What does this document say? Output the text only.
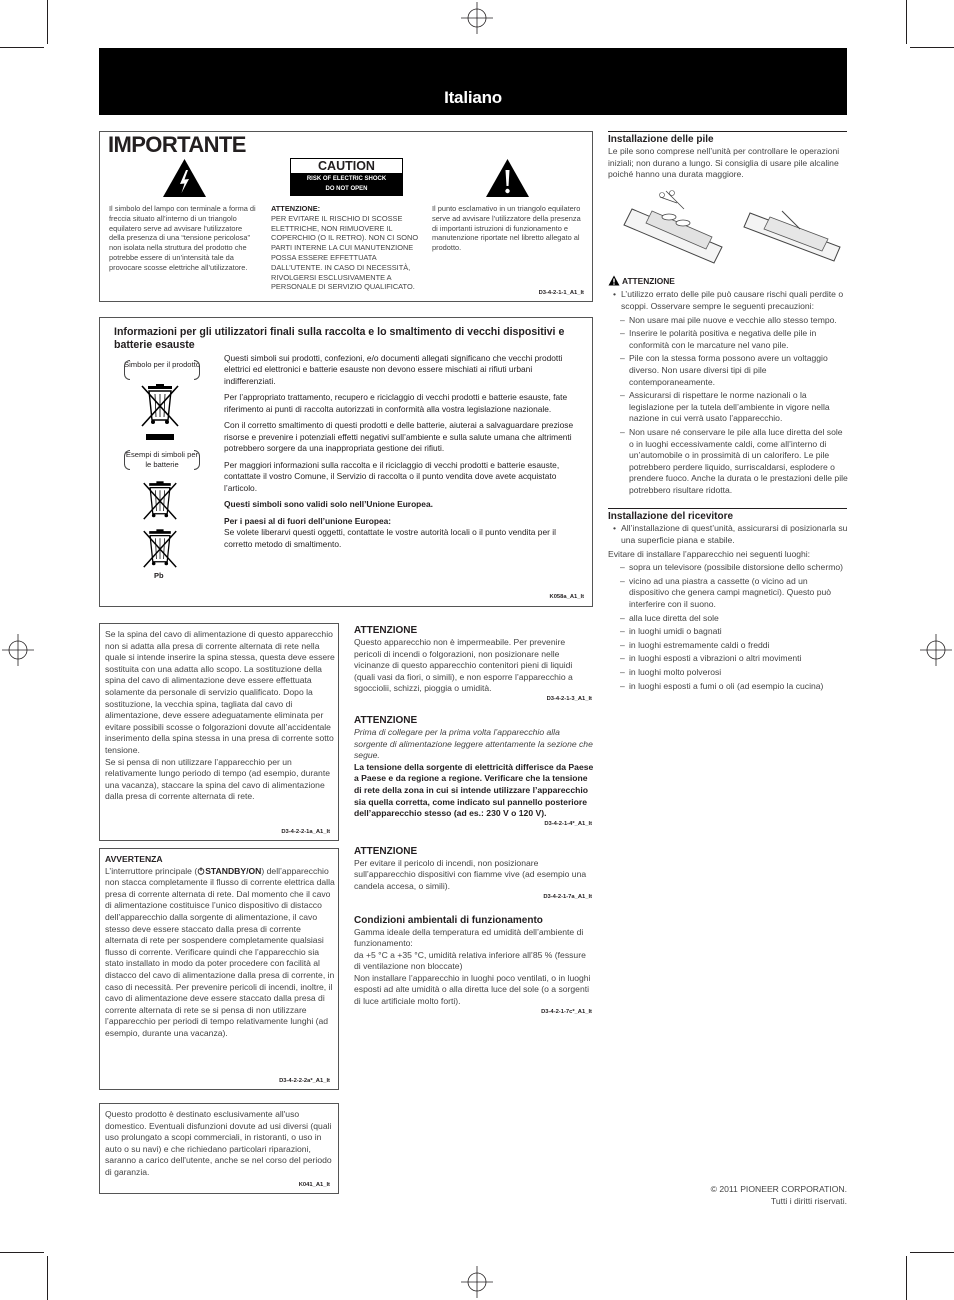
Italiano
IMPORTANTE
CAUTION
RISK OF ELECTRIC SHOCK
DO NOT OPEN
Il simbolo del lampo con terminale a forma di freccia situato all’interno di un triangolo equilatero serve ad avvisare l’utilizzatore della presenza di una “tensione pericolosa” non isolata nella struttura del prodotto che potrebbe essere di un’intensità tale da provocare scosse elettriche all’utilizzatore.
ATTENZIONE:
PER EVITARE IL RISCHIO DI SCOSSE ELETTRICHE, NON RIMUOVERE IL COPERCHIO (O IL RETRO). NON CI SONO PARTI INTERNE LA CUI MANUTENZIONE POSSA ESSERE EFFETTUATA DALL’UTENTE. IN CASO DI NECESSITÀ, RIVOLGERSI ESCLUSIVAMENTE A PERSONALE DI SERVIZIO QUALIFICATO.
Il punto esclamativo in un triangolo equilatero serve ad avvisare l’utilizzatore della presenza di importanti istruzioni di funzionamento e manutenzione riportate nel libretto allegato al prodotto.
D3-4-2-1-1_A1_It
Informazioni per gli utilizzatori finali sulla raccolta e lo smaltimento di vecchi dispositivi e batterie esauste
Simbolo per il prodotto
Esempi di simboli per le batterie
Pb

Questi simboli sui prodotti, confezioni, e/o documenti allegati significano che vecchi prodotti elettrici ed elettronici e batterie esauste non devono essere mischiati ai rifiuti urbani indifferenziati.

Per l’appropriato trattamento, recupero e riciclaggio di vecchi prodotti e batterie esauste, fate riferimento ai punti di raccolta autorizzati in conformità alla vostra legislazione nazionale.

Con il corretto smaltimento di questi prodotti e delle batterie, aiuterai a salvaguardare preziose risorse e prevenire i potenziali effetti negativi sull’ambiente e sulla salute umana che altrimenti potrebbero sorgere da una inappropriata gestione dei rifiuti.

Per maggiori informazioni sulla raccolta e il riciclaggio di vecchi prodotti e batterie esauste, contattate il vostro Comune, il Servizio di raccolta o il punto vendita dove avete acquistato l’articolo.

Questi simboli sono validi solo nell’Unione Europea.

Per i paesi al di fuori dell’unione Europea:
Se volete liberarvi questi oggetti, contattate le vostre autorità locali o il punto vendita per il corretto metodo di smaltimento.

K058a_A1_It
Se la spina del cavo di alimentazione di questo apparecchio non si adatta alla presa di corrente alternata di rete nella quale si intende inserire la spina stessa, questa deve essere sostituita con una adatta allo scopo. La sostituzione della spina del cavo di alimentazione deve essere effettuata solamente da personale di servizio qualificato. Dopo la sostituzione, la vecchia spina, tagliata dal cavo di alimentazione, deve essere adeguatamente eliminata per evitare possibili scosse o folgorazioni dovute all’accidentale inserimento della spina stessa in una presa di corrente sotto tensione.
Se si pensa di non utilizzare l’apparecchio per un relativamente lungo periodo di tempo (ad esempio, durante una vacanza), staccare la spina del cavo di alimentazione dalla presa di corrente alternata di rete.
D3-4-2-2-1a_A1_It
AVVERTENZA
L’interruttore principale ( STANDBY/ON) dell’apparecchio non stacca completamente il flusso di corrente elettrica dalla presa di corrente alternata di rete. Dal momento che il cavo di alimentazione costituisce l’unico dispositivo di distacco dell’apparecchio dalla sorgente di alimentazione, il cavo stesso deve essere staccato dalla presa di corrente alternata di rete per sospendere completamente qualsiasi flusso di corrente. Verificare quindi che l’apparecchio sia stato installato in modo da poter procedere con facilità al distacco del cavo di alimentazione dalla presa di corrente, in caso di necessità. Per prevenire pericoli di incendi, inoltre, il cavo di alimentazione deve essere staccato dalla presa di corrente alternata di rete se si pensa di non utilizzare l’apparecchio per periodi di tempo relativamente lunghi (ad esempio, durante una vacanza).
D3-4-2-2-2a*_A1_It
Questo prodotto è destinato esclusivamente all'uso domestico. Eventuali disfunzioni dovute ad usi diversi (quali uso prolungato a scopi commerciali, in ristoranti, o uso in auto o su navi) e che richiedano particolari riparazioni, saranno a carico dell'utente, anche se nel corso del periodo di garanzia.
K041_A1_It
ATTENZIONE
Questo apparecchio non è impermeabile. Per prevenire pericoli di incendi o folgorazioni, non posizionare nelle vicinanze di questo apparecchio contenitori pieni di liquidi (quali vasi da fiori, o simili), e non esporre l’apparecchio a sgocciolii, schizzi, pioggia o umidità.
D3-4-2-1-3_A1_It
ATTENZIONE
Prima di collegare per la prima volta l’apparecchio alla sorgente di alimentazione leggere attentamente la sezione che segue.
La tensione della sorgente di elettricità differisce da Paese a Paese e da regione a regione. Verificare che la tensione di rete della zona in cui si intende utilizzare l’apparecchio sia quella corretta, come indicato sul pannello posteriore dell’apparecchio stesso (ad es.: 230 V o 120 V).
D3-4-2-1-4*_A1_It
ATTENZIONE
Per evitare il pericolo di incendi, non posizionare sull’apparecchio dispositivi con fiamme vive (ad esempio una candela accesa, o simili).
D3-4-2-1-7a_A1_It
Condizioni ambientali di funzionamento
Gamma ideale della temperatura ed umidità dell’ambiente di funzionamento:
da +5 °C a +35 °C, umidità relativa inferiore all’85 % (fessure di ventilazione non bloccate)
Non installare l’apparecchio in luoghi poco ventilati, o in luoghi esposti ad alte umidità o alla diretta luce del sole (o a sorgenti di luce artificiale molto forti).
D3-4-2-1-7c*_A1_It
Installazione delle pile
Le pile sono comprese nell’unità per controllare le operazioni iniziali; non durano a lungo. Si consiglia di usare pile alcaline poiché hanno una durata maggiore.
ATTENZIONE
• L’utilizzo errato delle pile può causare rischi quali perdite o scoppi. Osservare sempre le seguenti precauzioni:
– Non usare mai pile nuove e vecchie allo stesso tempo.
– Inserire le polarità positiva e negativa delle pile in conformità con le marcature nel vano pile.
– Pile con la stessa forma possono avere un voltaggio diverso. Non usare diversi tipi di pile contemporaneamente.
– Assicurarsi di rispettare le norme nazionali o la legislazione per la tutela dell’ambiente in vigore nella nazione in cui verrà usato l’apparecchio.
– Non usare né conservare le pile alla luce diretta del sole o in luoghi eccessivamente caldi, come all’interno di un’automobile o in prossimità di un calorifero. Le pile potrebbero perdere liquido, surriscaldarsi, esplodere o prendere fuoco. Anche la durata o le prestazioni delle pile potrebbero risultare ridotta.
Installazione del ricevitore
• All’installazione di quest’unità, assicurarsi di posizionarla su una superficie piana e stabile.
Evitare di installare l’apparecchio nei seguenti luoghi:
– sopra un televisore (possibile distorsione dello schermo)
– vicino ad una piastra a cassette (o vicino ad un dispositivo che genera campi magnetici). Questo può interferire con il suono.
– alla luce diretta del sole
– in luoghi umidi o bagnati
– in luoghi estremamente caldi o freddi
– in luoghi esposti a vibrazioni o altri movimenti
– in luoghi molto polverosi
– in luoghi esposti a fumi o oli (ad esempio la cucina)
© 2011 PIONEER CORPORATION.
Tutti i diritti riservati.
